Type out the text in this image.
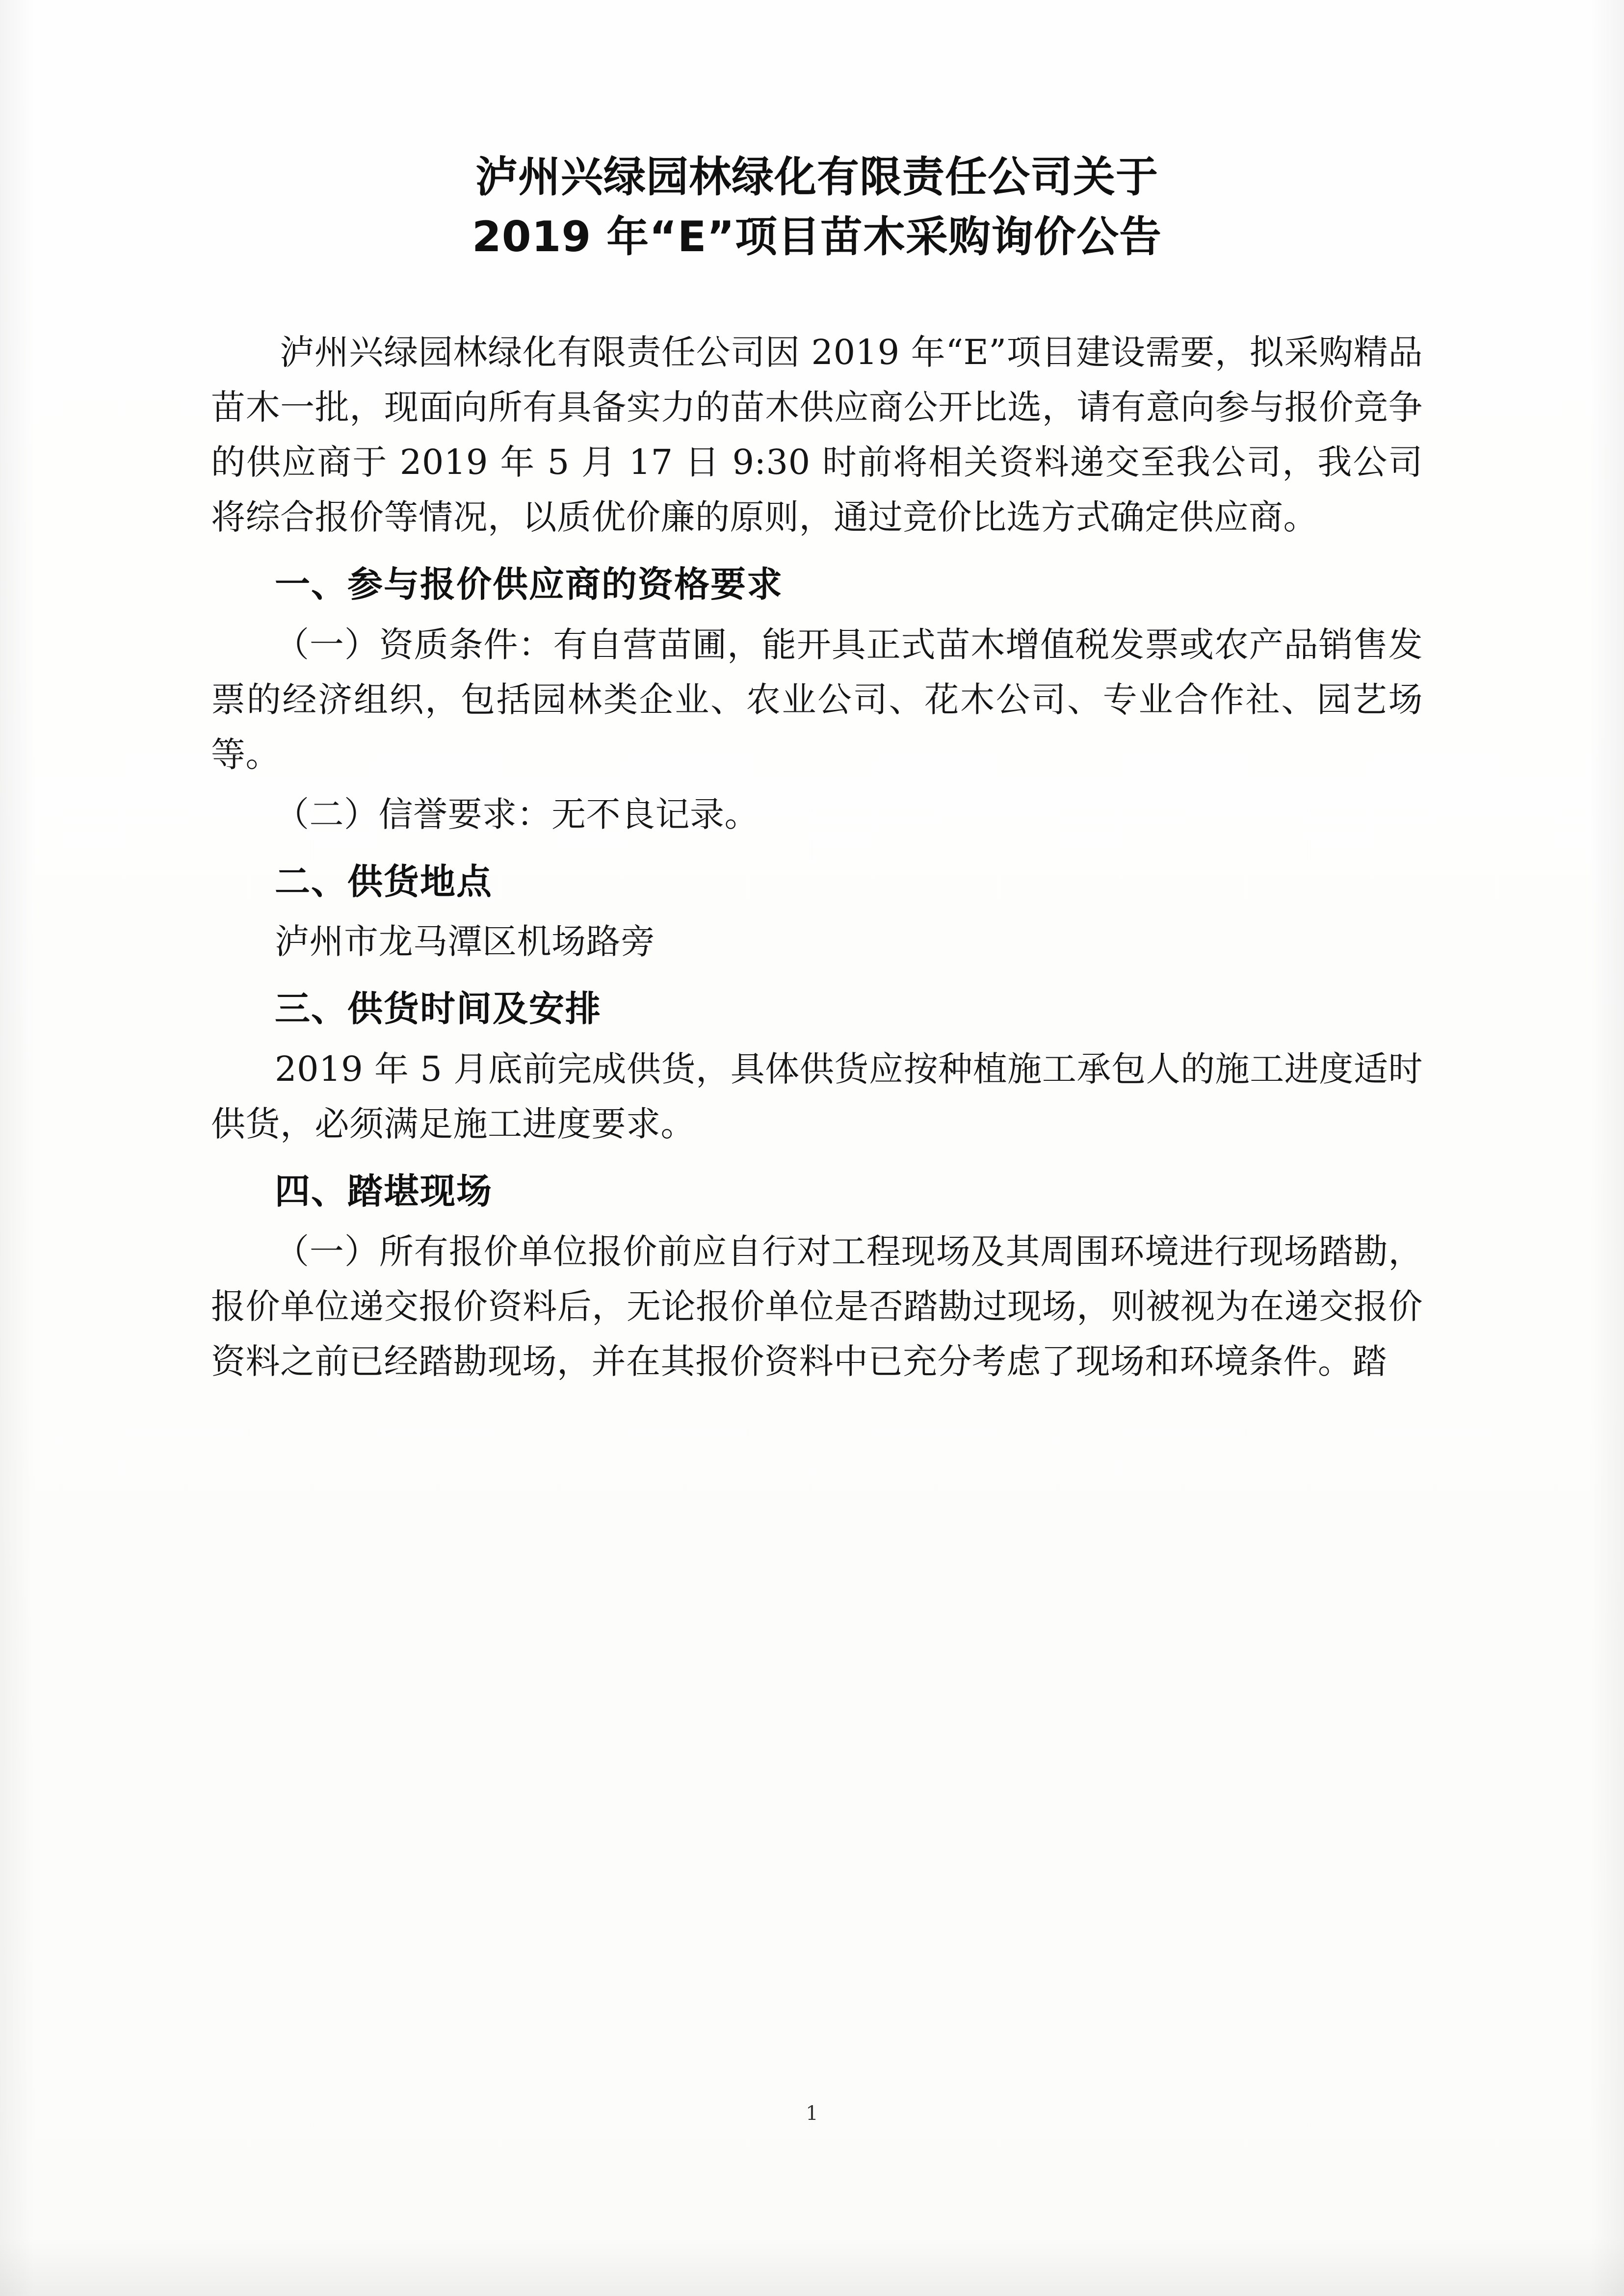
泸州兴绿园林绿化有限责任公司关于
2019 年“E”项目苗木采购询价公告

泸州兴绿园林绿化有限责任公司因 2019 年“E”项目建设需要，拟采购精品苗木一批，现面向所有具备实力的苗木供应商公开比选，请有意向参与报价竞争的供应商于 2019 年 5 月 17 日 9:30 时前将相关资料递交至我公司，我公司将综合报价等情况，以质优价廉的原则，通过竞价比选方式确定供应商。

一、参与报价供应商的资格要求

（一）资质条件：有自营苗圃，能开具正式苗木增值税发票或农产品销售发票的经济组织，包括园林类企业、农业公司、花木公司、专业合作社、园艺场等。

（二）信誉要求：无不良记录。

二、供货地点

泸州市龙马潭区机场路旁

三、供货时间及安排

2019 年 5 月底前完成供货，具体供货应按种植施工承包人的施工进度适时供货，必须满足施工进度要求。

四、踏堪现场

（一）所有报价单位报价前应自行对工程现场及其周围环境进行现场踏勘，报价单位递交报价资料后，无论报价单位是否踏勘过现场，则被视为在递交报价资料之前已经踏勘现场，并在其报价资料中已充分考虑了现场和环境条件。踏

1
